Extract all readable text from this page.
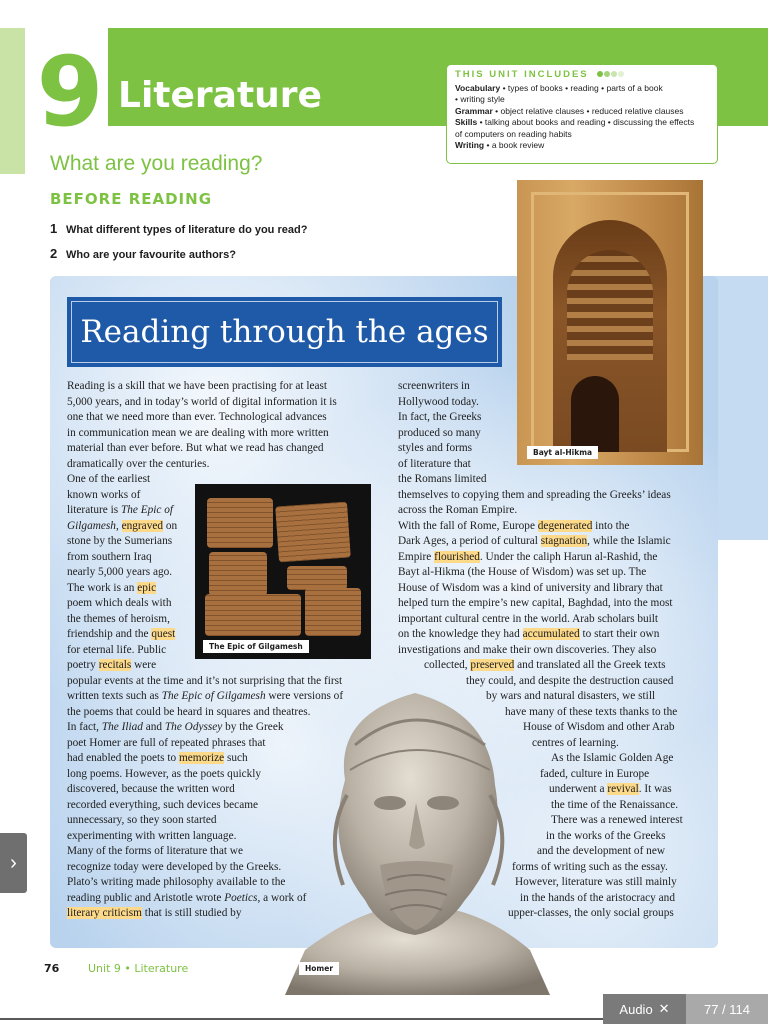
9 Literature
What are you reading?
BEFORE READING
1 What different types of literature do you read?
2 Who are your favourite authors?
THIS UNIT INCLUDES
Vocabulary • types of books • reading • parts of a book
• writing style
Grammar • object relative clauses • reduced relative clauses
Skills • talking about books and reading • discussing the effects
of computers on reading habits
Writing • a book review
Reading through the ages
Bayt al-Hikma
The Epic of Gilgamesh
Reading is a skill that we have been practising for at least
5,000 years, and in today’s world of digital information it is
one that we need more than ever. Technological advances
in communication mean we are dealing with more written
material than ever before. But what we read has changed
dramatically over the centuries.
One of the earliest
known works of
literature is The Epic of
Gilgamesh, engraved on
stone by the Sumerians
from southern Iraq
nearly 5,000 years ago.
The work is an epic
poem which deals with
the themes of heroism,
friendship and the quest
for eternal life. Public
poetry recitals were
popular events at the time and it’s not surprising that the first
written texts such as The Epic of Gilgamesh were versions of
the poems that could be heard in squares and theatres.
In fact, The Iliad and The Odyssey by the Greek
poet Homer are full of repeated phrases that
had enabled the poets to memorize such
long poems. However, as the poets quickly
discovered, because the written word
recorded everything, such devices became
unnecessary, so they soon started
experimenting with written language.
Many of the forms of literature that we
recognize today were developed by the Greeks.
Plato’s writing made philosophy available to the
reading public and Aristotle wrote Poetics, a work of
literary criticism that is still studied by
screenwriters in
Hollywood today.
In fact, the Greeks
produced so many
styles and forms
of literature that
the Romans limited
themselves to copying them and spreading the Greeks’ ideas
across the Roman Empire.
With the fall of Rome, Europe degenerated into the
Dark Ages, a period of cultural stagnation, while the Islamic
Empire flourished. Under the caliph Harun al-Rashid, the
Bayt al-Hikma (the House of Wisdom) was set up. The
House of Wisdom was a kind of university and library that
helped turn the empire’s new capital, Baghdad, into the most
important cultural centre in the world. Arab scholars built
on the knowledge they had accumulated to start their own
investigations and make their own discoveries. They also
collected, preserved and translated all the Greek texts
they could, and despite the destruction caused
by wars and natural disasters, we still
have many of these texts thanks to the
House of Wisdom and other Arab
centres of learning.
As the Islamic Golden Age
faded, culture in Europe
underwent a revival. It was
the time of the Renaissance.
There was a renewed interest
in the works of the Greeks
and the development of new
forms of writing such as the essay.
However, literature was still mainly
in the hands of the aristocracy and
upper-classes, the only social groups
Homer
76	Unit 9 • Literature
›
Audio ✕	77 / 114
